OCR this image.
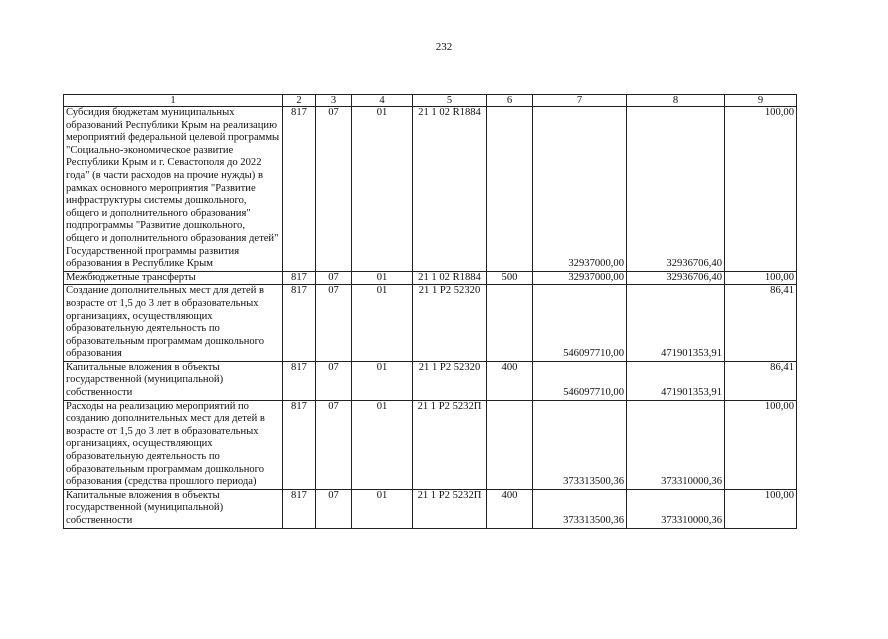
232
1	2	3	4	5	6	7	8	9
Субсидия бюджетам муниципальных образований Республики Крым на реализацию мероприятий федеральной целевой программы "Социально-экономическое развитие Республики Крым и г. Севастополя до 2022 года" (в части расходов на прочие нужды) в рамках основного мероприятия "Развитие инфраструктуры системы дошкольного, общего и дополнительного образования" подпрограммы "Развитие дошкольного, общего и дополнительного образования детей" Государственной программы развития образования в Республике Крым	817	07	01	21 1 02 R1884		32937000,00	32936706,40	100,00
Межбюджетные трансферты	817	07	01	21 1 02 R1884	500	32937000,00	32936706,40	100,00
Создание дополнительных мест для детей в возрасте от 1,5 до 3 лет в образовательных организациях, осуществляющих образовательную деятельность по образовательным программам дошкольного образования	817	07	01	21 1 P2 52320		546097710,00	471901353,91	86,41
Капитальные вложения в объекты государственной (муниципальной) собственности	817	07	01	21 1 P2 52320	400	546097710,00	471901353,91	86,41
Расходы на реализацию мероприятий по созданию дополнительных мест для детей в возрасте от 1,5 до 3 лет в образовательных организациях, осуществляющих образовательную деятельность по образовательным программам дошкольного образования (средства прошлого периода)	817	07	01	21 1 P2 5232П		373313500,36	373310000,36	100,00
Капитальные вложения в объекты государственной (муниципальной) собственности	817	07	01	21 1 P2 5232П	400	373313500,36	373310000,36	100,00
